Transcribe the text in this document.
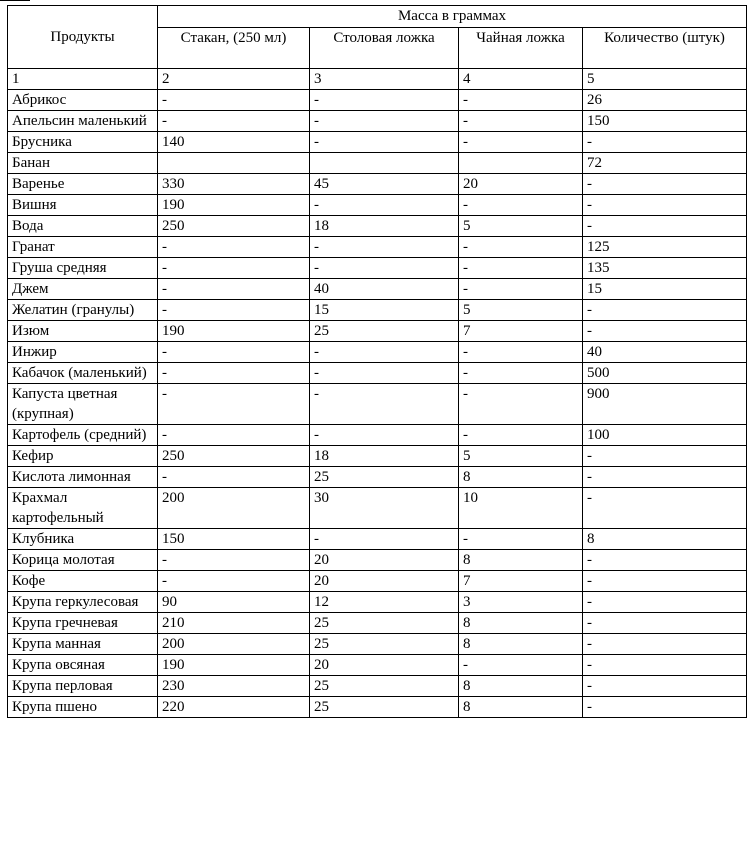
Продукты	Масса в граммах			
	Стакан, (250 мл)	Столовая ложка	Чайная ложка	Количество (штук)
1	2	3	4	5
Абрикос	-	-	-	26
Апельсин маленький	-	-	-	150
Брусника	140	-	-	-
Банан				72
Варенье	330	45	20	-
Вишня	190	-	-	-
Вода	250	18	5	-
Гранат	-	-	-	125
Груша средняя	-	-	-	135
Джем	-	40	-	15
Желатин (гранулы)	-	15	5	-
Изюм	190	25	7	-
Инжир	-	-	-	40
Кабачок (маленький)	-	-	-	500
Капуста цветная (крупная)	-	-	-	900
Картофель (средний)	-	-	-	100
Кефир	250	18	5	-
Кислота лимонная	-	25	8	-
Крахмал картофельный	200	30	10	-
Клубника	150	-	-	8
Корица молотая	-	20	8	-
Кофе	-	20	7	-
Крупа геркулесовая	90	12	3	-
Крупа гречневая	210	25	8	-
Крупа манная	200	25	8	-
Крупа овсяная	190	20	-	-
Крупа перловая	230	25	8	-
Крупа пшено	220	25	8	-
